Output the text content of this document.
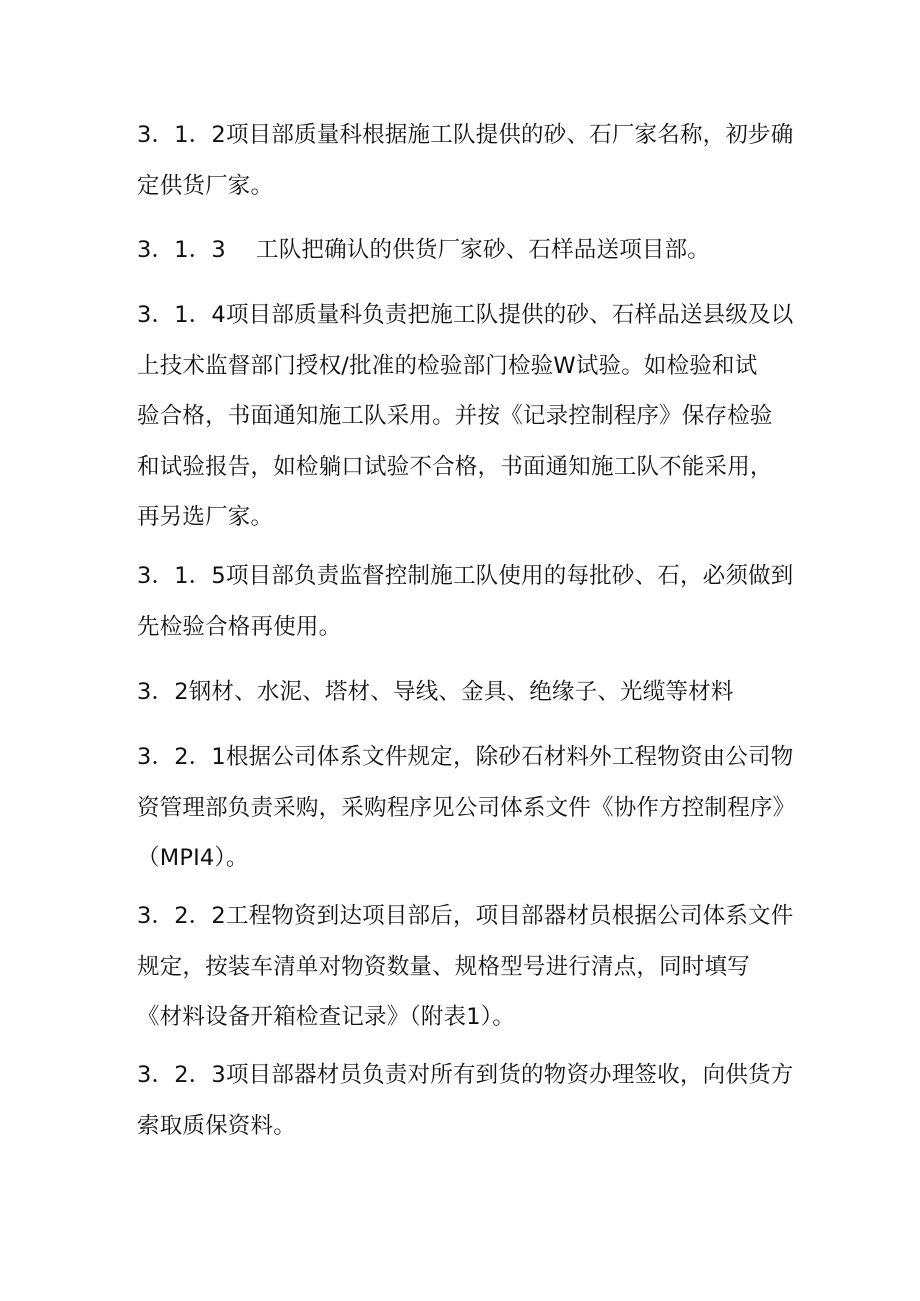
3．1．2项目部质量科根据施工队提供的砂、石厂家名称，初步确
定供货厂家。
3．1．3　 工队把确认的供货厂家砂、石样品送项目部。
3．1．4项目部质量科负责把施工队提供的砂、石样品送县级及以
上技术监督部门授权/批准的检验部门检验W试验。如检验和试
验合格，书面通知施工队采用。并按《记录控制程序》保存检验
和试验报告，如检躺口试验不合格，书面通知施工队不能采用，
再另选厂家。
3．1．5项目部负责监督控制施工队使用的每批砂、石，必须做到
先检验合格再使用。
3．2钢材、水泥、塔材、导线、金具、绝缘子、光缆等材料
3．2．1根据公司体系文件规定，除砂石材料外工程物资由公司物
资管理部负责采购，采购程序见公司体系文件《协作方控制程序》
（MPI4）。
3．2．2工程物资到达项目部后，项目部器材员根据公司体系文件
规定，按装车清单对物资数量、规格型号进行清点，同时填写
《材料设备开箱检查记录》（附表1）。
3．2．3项目部器材员负责对所有到货的物资办理签收，向供货方
索取质保资料。
